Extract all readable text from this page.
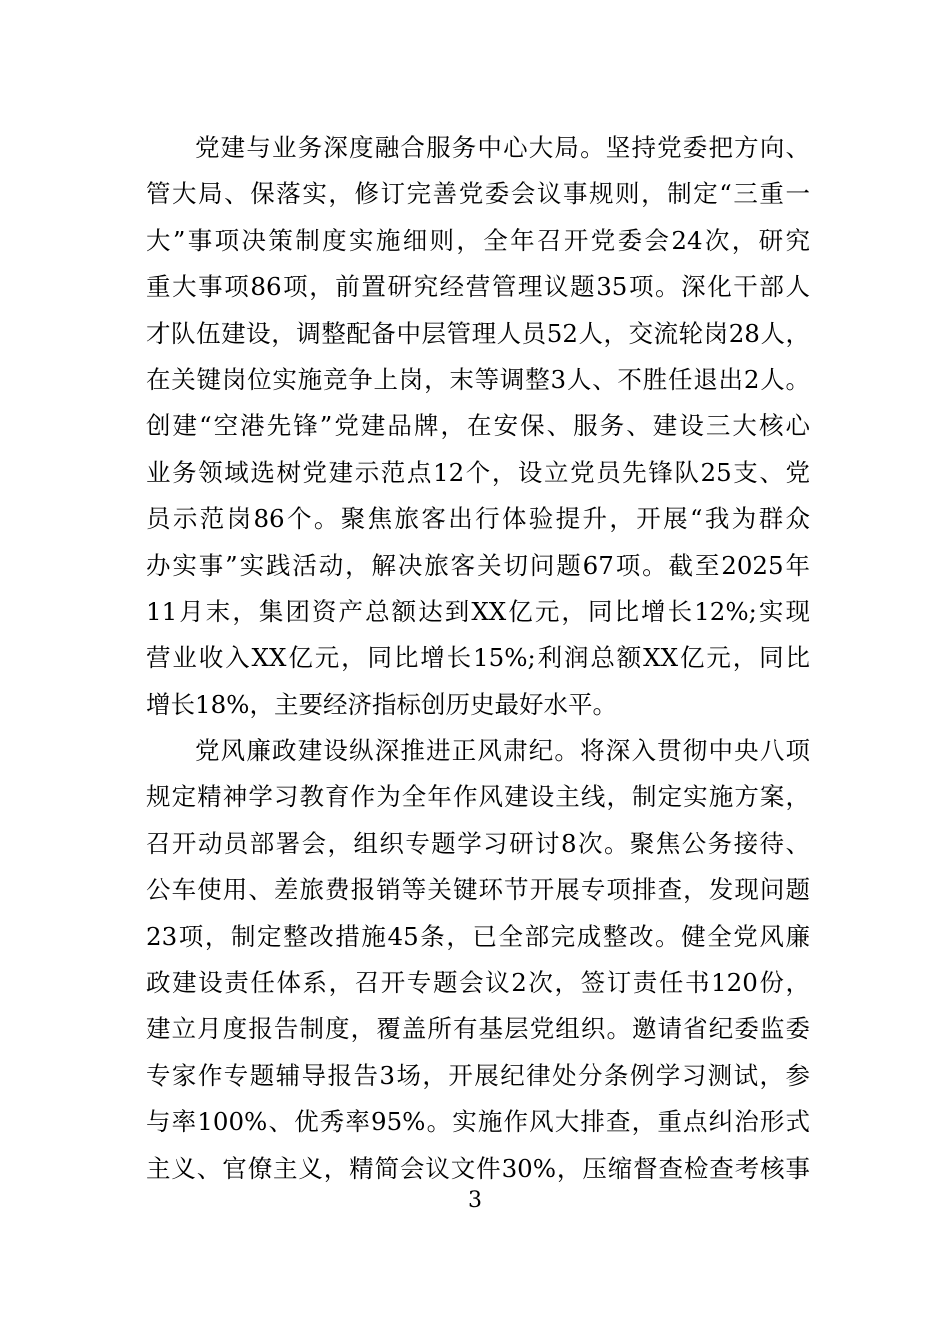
党建与业务深度融合服务中心大局。坚持党委把方向、
管大局、保落实，修订完善党委会议事规则，制定“三重一
大”事项决策制度实施细则，全年召开党委会24次，研究
重大事项86项，前置研究经营管理议题35项。深化干部人
才队伍建设，调整配备中层管理人员52人，交流轮岗28人，
在关键岗位实施竞争上岗，末等调整3人、不胜任退出2人。
创建“空港先锋”党建品牌，在安保、服务、建设三大核心
业务领域选树党建示范点12个，设立党员先锋队25支、党
员示范岗86个。聚焦旅客出行体验提升，开展“我为群众
办实事”实践活动，解决旅客关切问题67项。截至2025年
11月末，集团资产总额达到XX亿元，同比增长12%;实现
营业收入XX亿元，同比增长15%;利润总额XX亿元，同比
增长18%，主要经济指标创历史最好水平。
党风廉政建设纵深推进正风肃纪。将深入贯彻中央八项
规定精神学习教育作为全年作风建设主线，制定实施方案，
召开动员部署会，组织专题学习研讨8次。聚焦公务接待、
公车使用、差旅费报销等关键环节开展专项排查，发现问题
23项，制定整改措施45条，已全部完成整改。健全党风廉
政建设责任体系，召开专题会议2次，签订责任书120份，
建立月度报告制度，覆盖所有基层党组织。邀请省纪委监委
专家作专题辅导报告3场，开展纪律处分条例学习测试，参
与率100%、优秀率95%。实施作风大排查，重点纠治形式
主义、官僚主义，精简会议文件30%，压缩督查检查考核事
3
